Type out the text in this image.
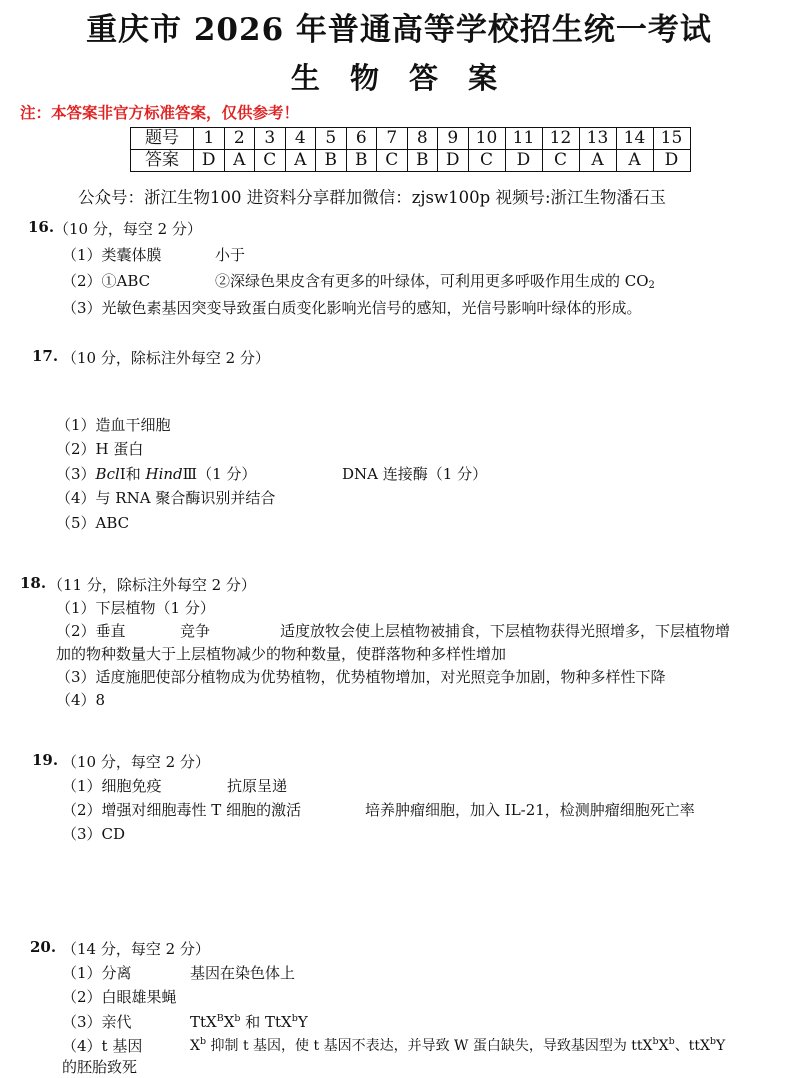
重庆市 2026 年普通高等学校招生统一考试
生 物 答 案
注：本答案非官方标准答案，仅供参考！
题号	1	2	3	4	5	6	7	8	9	10	11	12	13	14	15
答案	D	A	C	A	B	B	C	B	D	C	D	C	A	A	D
公众号：浙江生物100 进资料分享群加微信：zjsw100p 视频号:浙江生物潘石玉
16. （10 分，每空 2 分）
（1）类囊体膜	小于
（2）①ABC	②深绿色果皮含有更多的叶绿体，可利用更多呼吸作用生成的 $CO_2$
（3）光敏色素基因突变导致蛋白质变化影响光信号的感知，光信号影响叶绿体的形成。
17. （10 分，除标注外每空 2 分）
（1）造血干细胞
（2）H 蛋白
（3）BclⅠ和 HindⅢ（1 分）	DNA 连接酶（1 分）
（4）与 RNA 聚合酶识别并结合
（5）ABC
18. （11 分，除标注外每空 2 分）
（1）下层植物（1 分）
（2）垂直	竞争	适度放牧会使上层植物被捕食，下层植物获得光照增多，下层植物增
加的物种数量大于上层植物减少的物种数量，使群落物种多样性增加
（3）适度施肥使部分植物成为优势植物，优势植物增加，对光照竞争加剧，物种多样性下降
（4）8
19. （10 分，每空 2 分）
（1）细胞免疫	抗原呈递
（2）增强对细胞毒性 T 细胞的激活	培养肿瘤细胞，加入 IL-21，检测肿瘤细胞死亡率
（3）CD
20. （14 分，每空 2 分）
（1）分离	基因在染色体上
（2）白眼雄果蝇
（3）亲代	$TtX^BX^b$ 和 TtX$^b$Y
（4）t 基因	$X^b$ 抑制 t 基因，使 t 基因不表达，并导致 W 蛋白缺失，导致基因型为 $ttX^bX^b$、ttX$^b$Y
的胚胎致死
